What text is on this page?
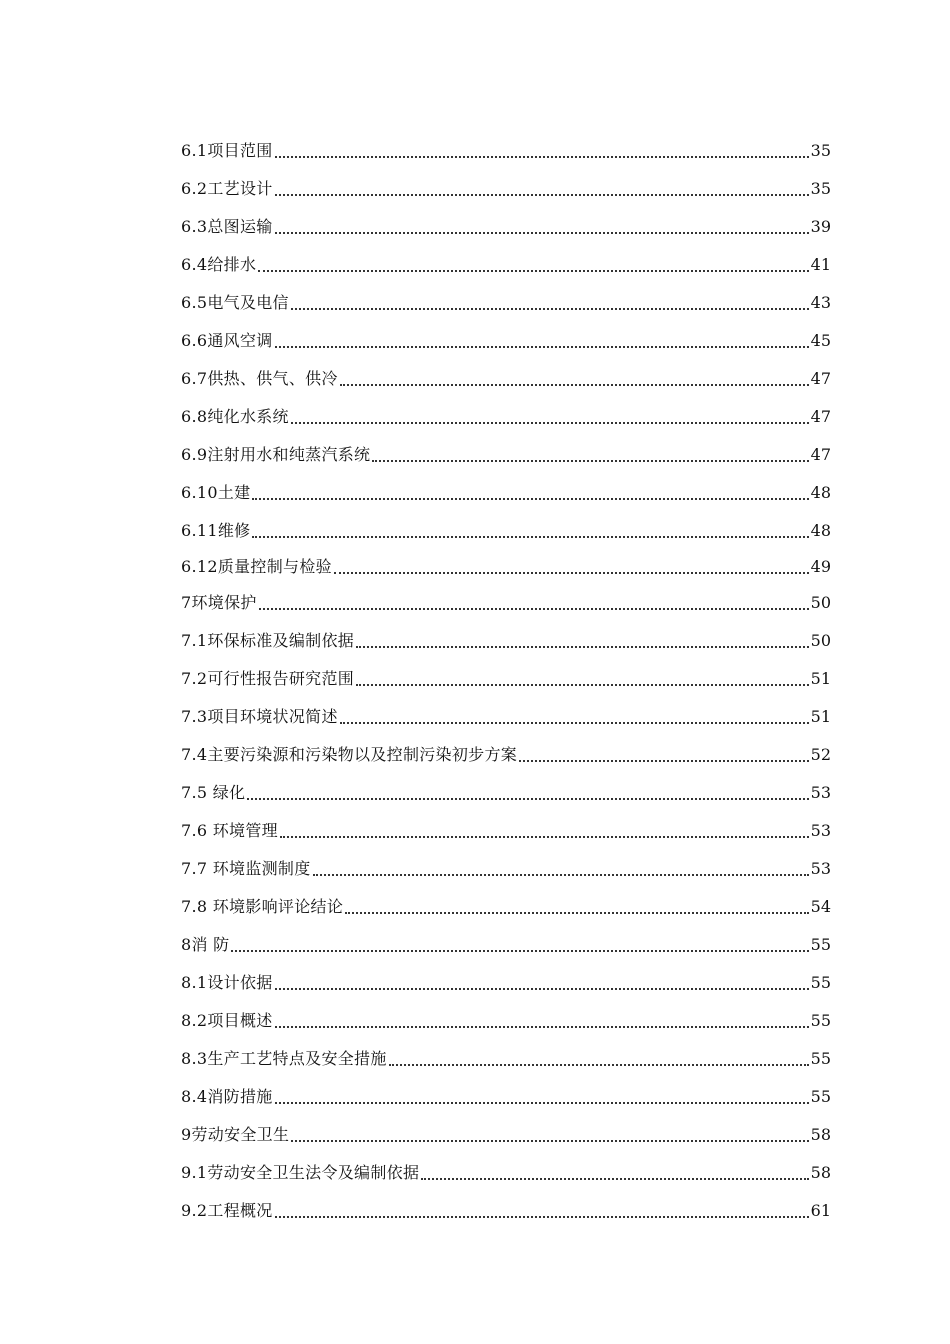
6.1项目范围	35
6.2工艺设计	35
6.3总图运输	39
6.4给排水	41
6.5电气及电信	43
6.6通风空调	45
6.7供热、供气、供冷	47
6.8纯化水系统	47
6.9注射用水和纯蒸汽系统	47
6.10土建	48
6.11维修	48
6.12质量控制与检验	49
7环境保护	50
7.1环保标准及编制依据	50
7.2可行性报告研究范围	51
7.3项目环境状况简述	51
7.4主要污染源和污染物以及控制污染初步方案	52
7.5 绿化	53
7.6 环境管理	53
7.7 环境监测制度	53
7.8 环境影响评论结论	54
8消 防	55
8.1设计依据	55
8.2项目概述	55
8.3生产工艺特点及安全措施	55
8.4消防措施	55
9劳动安全卫生	58
9.1劳动安全卫生法令及编制依据	58
9.2工程概况	61
